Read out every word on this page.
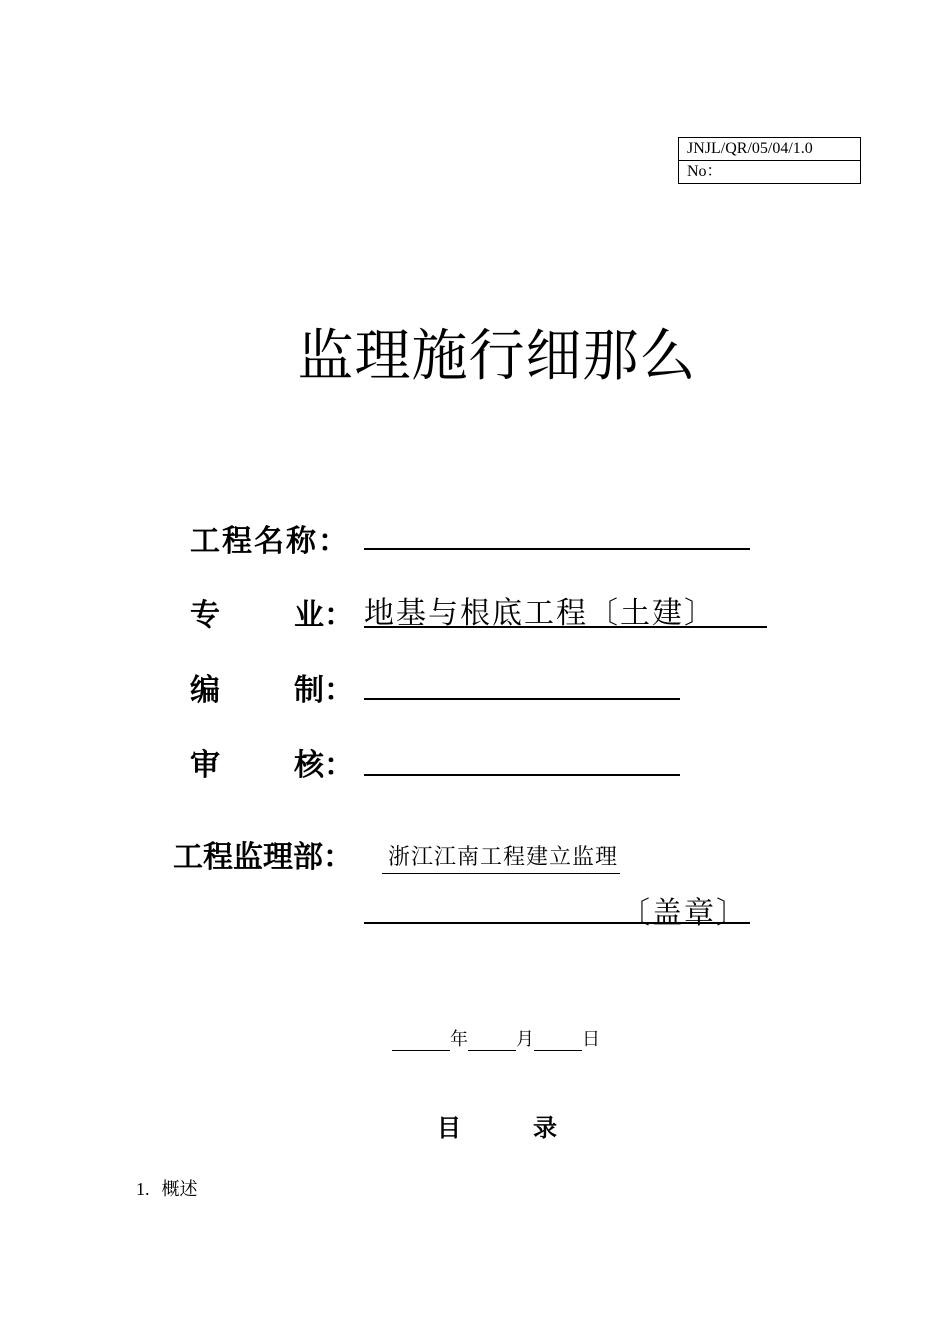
JNJL/QR/05/04/1.0
No：
监理施行细那么
工程名称：
专 业： 地基与根底工程〔土建〕
编 制：
审 核：
工程监理部： 浙江江南工程建立监理
〔盖章〕
年	月	日
目	录
1. 概述
